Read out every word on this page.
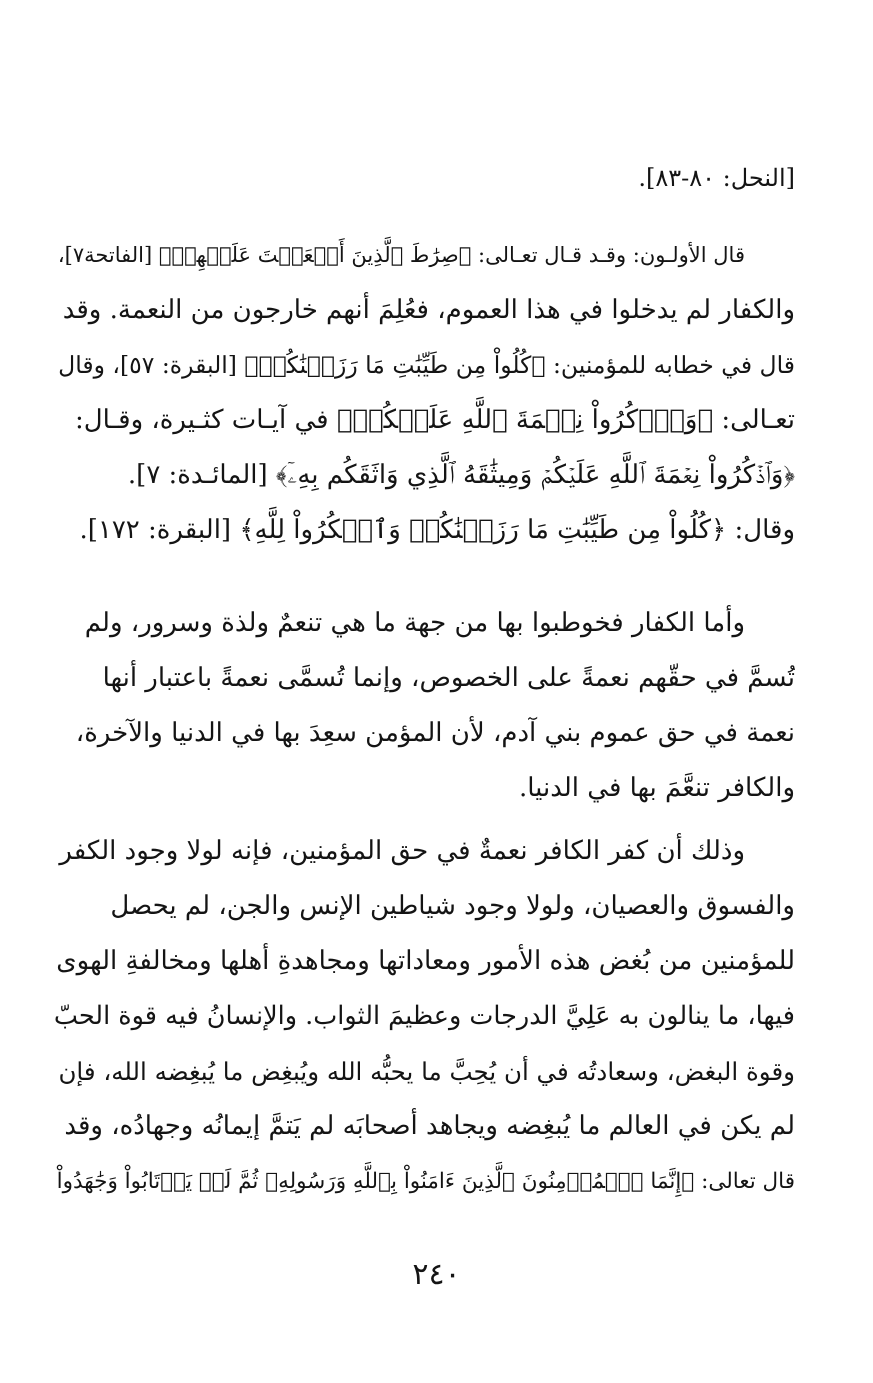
[النحل: ٨٠-٨٣].
قال الأولـون: وقـد قـال تعـالى: ﴿صِرَٰطَ ٱلَّذِينَ أَنۡعَمۡتَ عَلَيۡهِمۡ﴾ [الفاتحة٧]،
والكفار لم يدخلوا في هذا العموم، فعُلِمَ أنهم خارجون من النعمة. وقد
قال في خطابه للمؤمنين: ﴿كُلُواْ مِن طَيِّبَٰتِ مَا رَزَقۡنَٰكُمۡ﴾ [البقرة: ٥٧]، وقال
تعـالى: ﴿وَٱذۡكُرُواْ نِعۡمَةَ ٱللَّهِ عَلَيۡكُمۡ﴾ في آيـات كثـيرة، وقـال:
﴿وَٱذۡكُرُواْ نِعۡمَةَ ٱللَّهِ عَلَيۡكُمۡ وَمِيثَٰقَهُ ٱلَّذِي وَاثَقَكُم بِهِۦٓ﴾ [المائـدة: ٧].
وقال: ﴿كُلُواْ مِن طَيِّبَٰتِ مَا رَزَقۡنَٰكُمۡ وَٱشۡكُرُواْ لِلَّهِ﴾ [البقرة: ١٧٢].
وأما الكفار فخوطبوا بها من جهة ما هي تنعمٌ ولذة وسرور، ولم
تُسمَّ في حقّهم نعمةً على الخصوص، وإنما تُسمَّى نعمةً باعتبار أنها
نعمة في حق عموم بني آدم، لأن المؤمن سعِدَ بها في الدنيا والآخرة،
والكافر تنعَّمَ بها في الدنيا.
وذلك أن كفر الكافر نعمةٌ في حق المؤمنين، فإنه لولا وجود الكفر
والفسوق والعصيان، ولولا وجود شياطين الإنس والجن، لم يحصل
للمؤمنين من بُغض هذه الأمور ومعاداتها ومجاهدةِ أهلها ومخالفةِ الهوى
فيها، ما ينالون به عَلِيَّ الدرجات وعظيمَ الثواب. والإنسانُ فيه قوة الحبّ
وقوة البغض، وسعادتُه في أن يُحِبَّ ما يحبُّه الله ويُبغِض ما يُبغِضه الله، فإن
لم يكن في العالم ما يُبغِضه ويجاهد أصحابَه لم يَتمَّ إيمانُه وجهادُه، وقد
قال تعالى: ﴿إِنَّمَا ٱلۡمُؤۡمِنُونَ ٱلَّذِينَ ءَامَنُواْ بِٱللَّهِ وَرَسُولِهِۦ ثُمَّ لَمۡ يَرۡتَابُواْ وَجَٰهَدُواْ
٢٤٠
